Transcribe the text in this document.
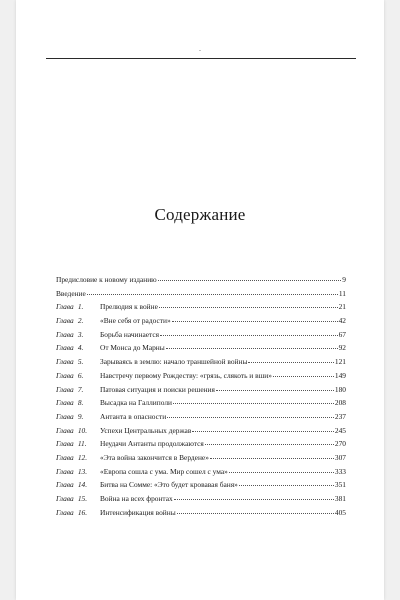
.
Содержание
Предисловие к новому изданию	9
Введение	11
Глава 1.	Прелюдия к войне	21
Глава 2.	«Вне себя от радости»	42
Глава 3.	Борьба начинается	67
Глава 4.	От Монса до Марны	92
Глава 5.	Зарываясь в землю: начало траншейной войны	121
Глава 6.	Навстречу первому Рождеству: «грязь, слякоть и вши»	149
Глава 7.	Патовая ситуация и поиски решения	180
Глава 8.	Высадка на Галлиполи	208
Глава 9.	Антанта в опасности	237
Глава 10.	Успехи Центральных держав	245
Глава 11.	Неудачи Антанты продолжаются	270
Глава 12.	«Эта война закончится в Вердене»	307
Глава 13.	«Европа сошла с ума. Мир сошел с ума»	333
Глава 14.	Битва на Сомме: «Это будет кровавая баня»	351
Глава 15.	Война на всех фронтах	381
Глава 16.	Интенсификация войны	405
